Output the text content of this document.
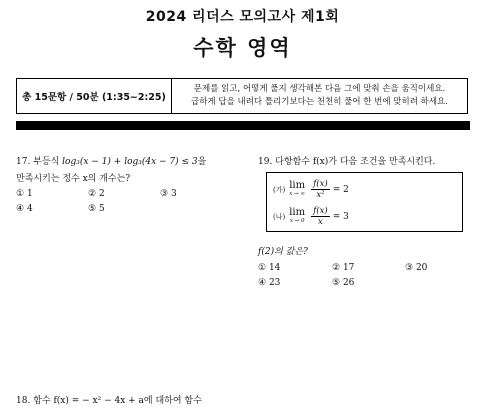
2024 리더스 모의고사 제1회
수학 영역
총 15문항 / 50분 (1:35~2:25)
문제를 읽고, 어떻게 풀지 생각해본 다음 그에 맞춰 손을 움직이세요.
급하게 답을 내려다 틀리기보다는 천천히 풀어 한 번에 맞히려 하세요.
17. 부등식 log₃(x − 1) + log₃(4x − 7) ≤ 3을
만족시키는 정수 x의 개수는?
① 1	② 2	③ 3
④ 4	⑤ 5
19. 다항함수 f(x)가 다음 조건을 만족시킨다.
(가) lim
x → ∞ $\frac{f(x)}{\text{x²}} = 2$
(나) lim
$x \to 0 \frac{f(x)}{x} = 3$
f(2)의 값은?
① 14	② 17	③ 20
④ 23	⑤ 26
18. 함수 f(x) = − x² − 4x + a에 대하여 함수
